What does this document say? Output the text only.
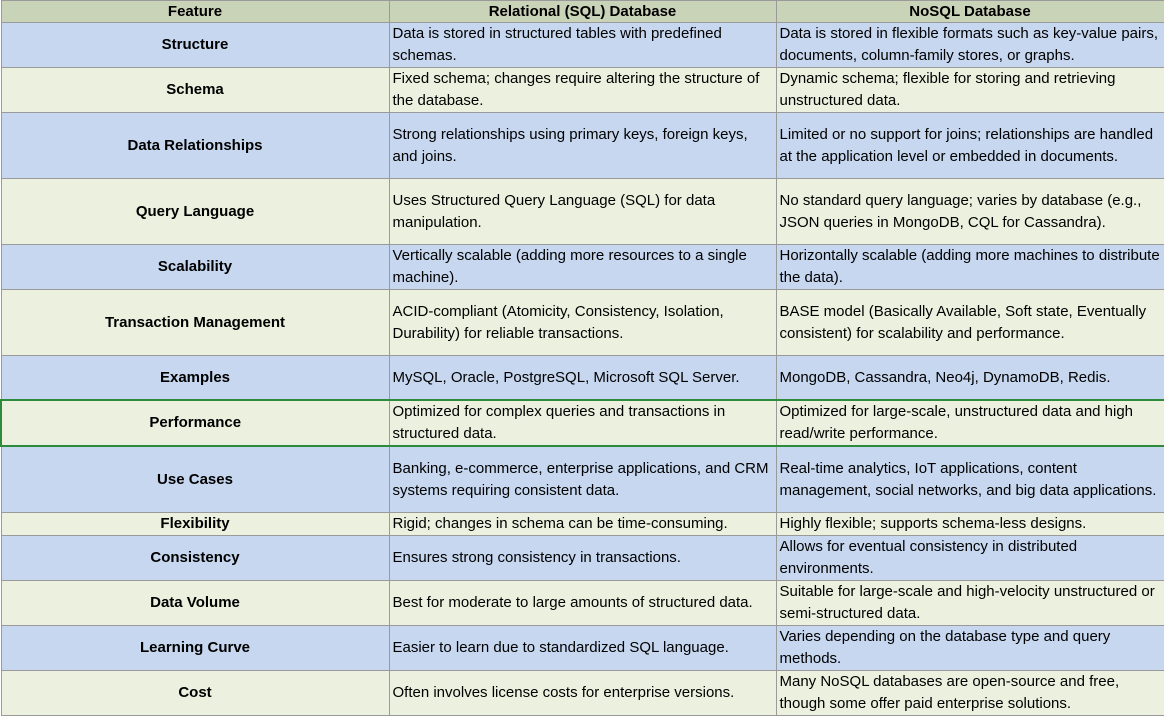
Feature	Relational (SQL) Database	NoSQL Database
Structure	Data is stored in structured tables with predefined schemas.	Data is stored in flexible formats such as key-value pairs, documents, column-family stores, or graphs.
Schema	Fixed schema; changes require altering the structure of the database.	Dynamic schema; flexible for storing and retrieving unstructured data.
Data Relationships	Strong relationships using primary keys, foreign keys, and joins.	Limited or no support for joins; relationships are handled at the application level or embedded in documents.
Query Language	Uses Structured Query Language (SQL) for data manipulation.	No standard query language; varies by database (e.g., JSON queries in MongoDB, CQL for Cassandra).
Scalability	Vertically scalable (adding more resources to a single machine).	Horizontally scalable (adding more machines to distribute the data).
Transaction Management	ACID-compliant (Atomicity, Consistency, Isolation, Durability) for reliable transactions.	BASE model (Basically Available, Soft state, Eventually consistent) for scalability and performance.
Examples	MySQL, Oracle, PostgreSQL, Microsoft SQL Server.	MongoDB, Cassandra, Neo4j, DynamoDB, Redis.
Performance	Optimized for complex queries and transactions in structured data.	Optimized for large-scale, unstructured data and high read/write performance.
Use Cases	Banking, e-commerce, enterprise applications, and CRM systems requiring consistent data.	Real-time analytics, IoT applications, content management, social networks, and big data applications.
Flexibility	Rigid; changes in schema can be time-consuming.	Highly flexible; supports schema-less designs.
Consistency	Ensures strong consistency in transactions.	Allows for eventual consistency in distributed environments.
Data Volume	Best for moderate to large amounts of structured data.	Suitable for large-scale and high-velocity unstructured or semi-structured data.
Learning Curve	Easier to learn due to standardized SQL language.	Varies depending on the database type and query methods.
Cost	Often involves license costs for enterprise versions.	Many NoSQL databases are open-source and free, though some offer paid enterprise solutions.
